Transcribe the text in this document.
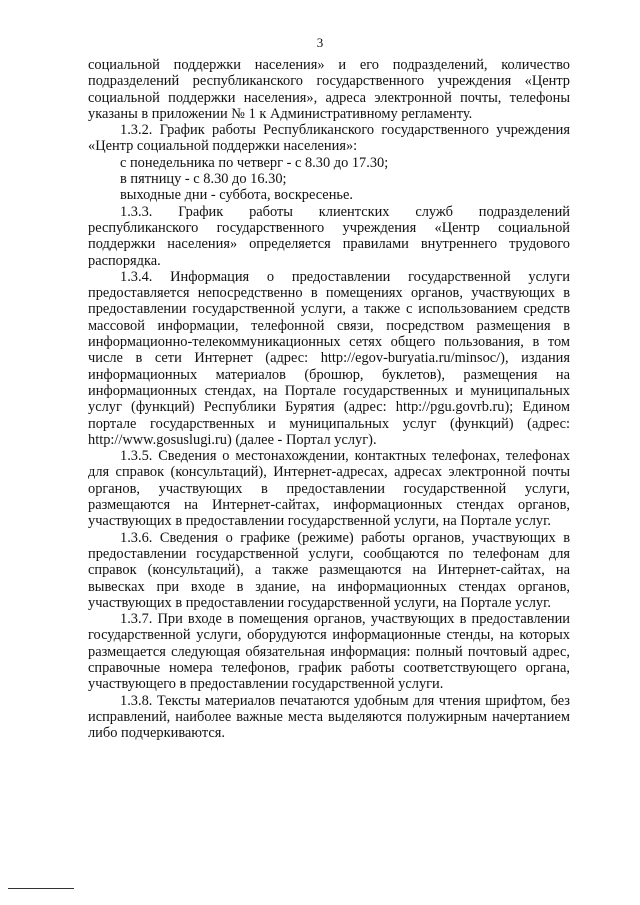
3

социальной поддержки населения» и его подразделений, количество подразделений республиканского государственного учреждения «Центр социальной поддержки населения», адреса электронной почты, телефоны указаны в приложении № 1 к Административному регламенту.

1.3.2. График работы Республиканского государственного учреждения «Центр социальной поддержки населения»:

с понедельника по четверг - с 8.30 до 17.30;

в пятницу - с 8.30 до 16.30;

выходные дни - суббота, воскресенье.

1.3.3. График работы клиентских служб подразделений республиканского государственного учреждения «Центр социальной поддержки населения» определяется правилами внутреннего трудового распорядка.

1.3.4. Информация о предоставлении государственной услуги предоставляется непосредственно в помещениях органов, участвующих в предоставлении государственной услуги, а также с использованием средств массовой информации, телефонной связи, посредством размещения в информационно-телекоммуникационных сетях общего пользования, в том числе в сети Интернет (адрес: http://egov-buryatia.ru/minsoc/), издания информационных материалов (брошюр, буклетов), размещения на информационных стендах, на Портале государственных и муниципальных услуг (функций) Республики Бурятия (адрес: http://pgu.govrb.ru); Едином портале государственных и муниципальных услуг (функций) (адрес: http://www.gosuslugi.ru) (далее - Портал услуг).

1.3.5. Сведения о местонахождении, контактных телефонах, телефонах для справок (консультаций), Интернет-адресах, адресах электронной почты органов, участвующих в предоставлении государственной услуги, размещаются на Интернет-сайтах, информационных стендах органов, участвующих в предоставлении государственной услуги, на Портале услуг.

1.3.6. Сведения о графике (режиме) работы органов, участвующих в предоставлении государственной услуги, сообщаются по телефонам для справок (консультаций), а также размещаются на Интернет-сайтах, на вывесках при входе в здание, на информационных стендах органов, участвующих в предоставлении государственной услуги, на Портале услуг.

1.3.7. При входе в помещения органов, участвующих в предоставлении государственной услуги, оборудуются информационные стенды, на которых размещается следующая обязательная информация: полный почтовый адрес, справочные номера телефонов, график работы соответствующего органа, участвующего в предоставлении государственной услуги.

1.3.8. Тексты материалов печатаются удобным для чтения шрифтом, без исправлений, наиболее важные места выделяются полужирным начертанием либо подчеркиваются.
